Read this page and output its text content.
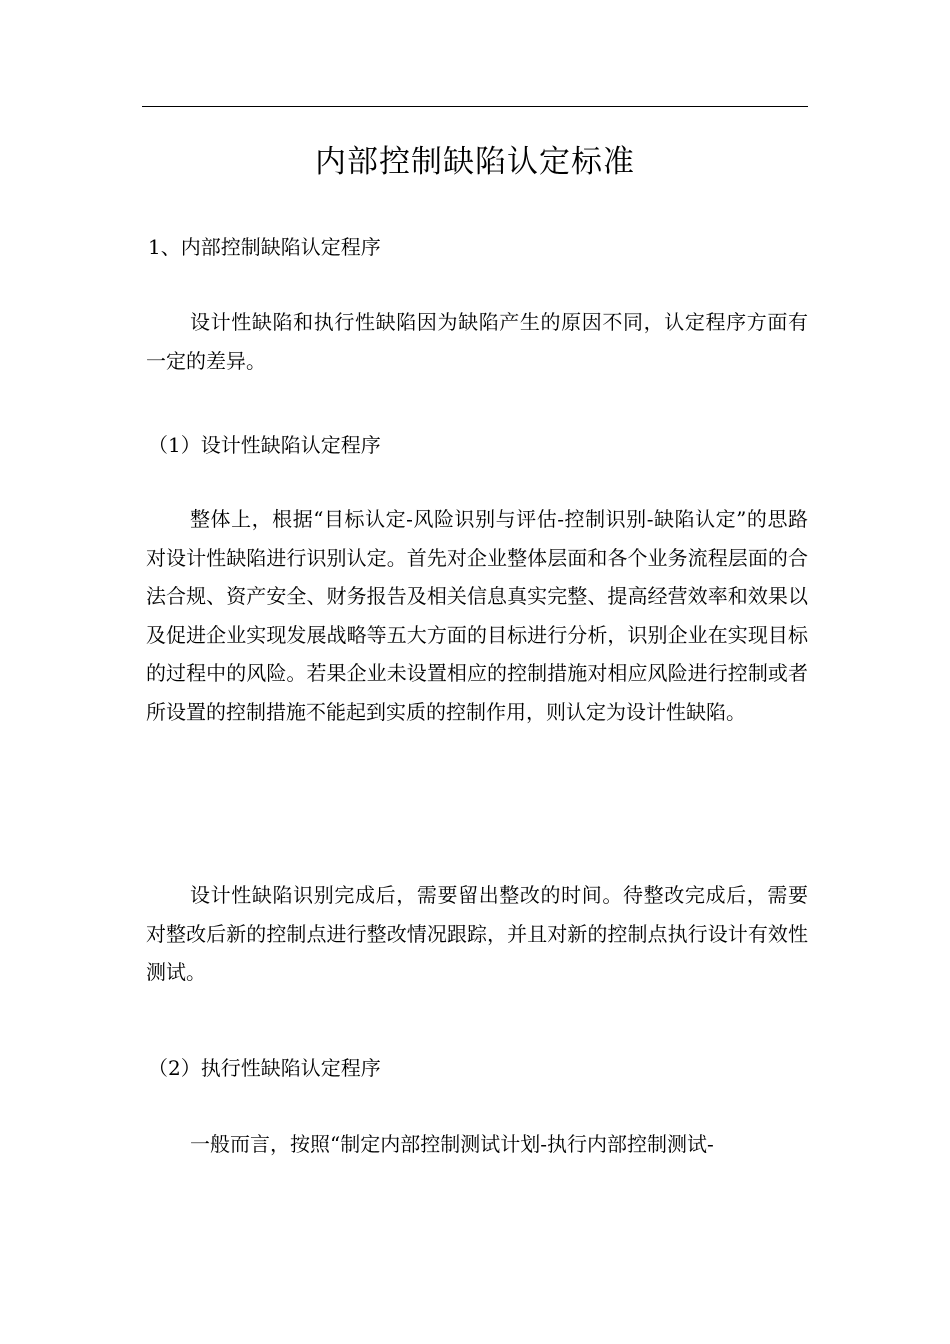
内部控制缺陷认定标准
1、内部控制缺陷认定程序
设计性缺陷和执行性缺陷因为缺陷产生的原因不同，认定程序方面有一定的差异。
（1）设计性缺陷认定程序
整体上，根据“目标认定-风险识别与评估-控制识别-缺陷认定”的思路对设计性缺陷进行识别认定。首先对企业整体层面和各个业务流程层面的合法合规、资产安全、财务报告及相关信息真实完整、提高经营效率和效果以及促进企业实现发展战略等五大方面的目标进行分析，识别企业在实现目标的过程中的风险。若果企业未设置相应的控制措施对相应风险进行控制或者所设置的控制措施不能起到实质的控制作用，则认定为设计性缺陷。
设计性缺陷识别完成后，需要留出整改的时间。待整改完成后，需要对整改后新的控制点进行整改情况跟踪，并且对新的控制点执行设计有效性测试。
（2）执行性缺陷认定程序
一般而言，按照“制定内部控制测试计划-执行内部控制测试-
